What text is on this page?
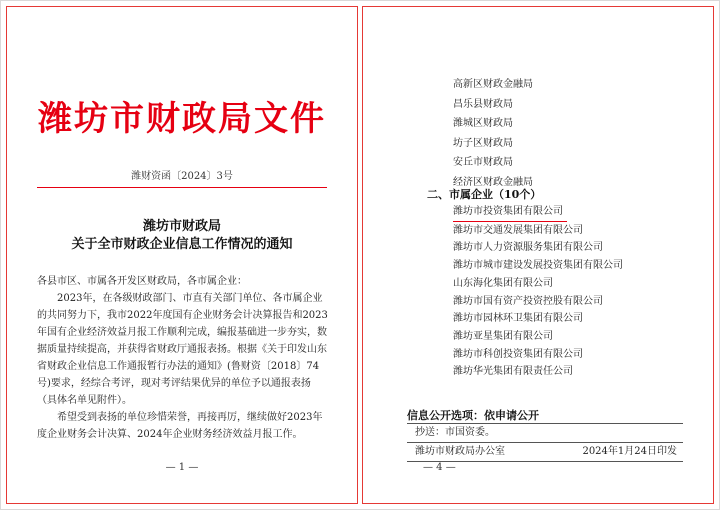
潍坊市财政局文件
潍财资函〔2024〕3号
潍坊市财政局
关于全市财政企业信息工作情况的通知

各县市区、市属各开发区财政局，各市属企业：

2023年，在各级财政部门、市直有关部门单位、各市属企业的共同努力下，我市2022年度国有企业财务会计决算报告和2023年国有企业经济效益月报工作顺利完成，编报基础进一步夯实，数据质量持续提高，并获得省财政厅通报表扬。根据《关于印发山东省财政企业信息工作通报暂行办法的通知》(鲁财资〔2018〕74号)要求，经综合考评，现对考评结果优异的单位予以通报表扬（具体名单见附件）。

希望受到表扬的单位珍惜荣誉，再接再厉，继续做好2023年度企业财务会计决算、2024年企业财务经济效益月报工作。

— 1 —
高新区财政金融局
昌乐县财政局
潍城区财政局
坊子区财政局
安丘市财政局
经济区财政金融局
二、市属企业（10个）
潍坊市投资集团有限公司
潍坊市交通发展集团有限公司
潍坊市人力资源服务集团有限公司
潍坊市城市建设发展投资集团有限公司
山东海化集团有限公司
潍坊市国有资产投资控股有限公司
潍坊市园林环卫集团有限公司
潍坊亚星集团有限公司
潍坊市科创投资集团有限公司
潍坊华光集团有限责任公司
信息公开选项：依申请公开
抄送：市国资委。
潍坊市财政局办公室	2024年1月24日印发
— 4 —
